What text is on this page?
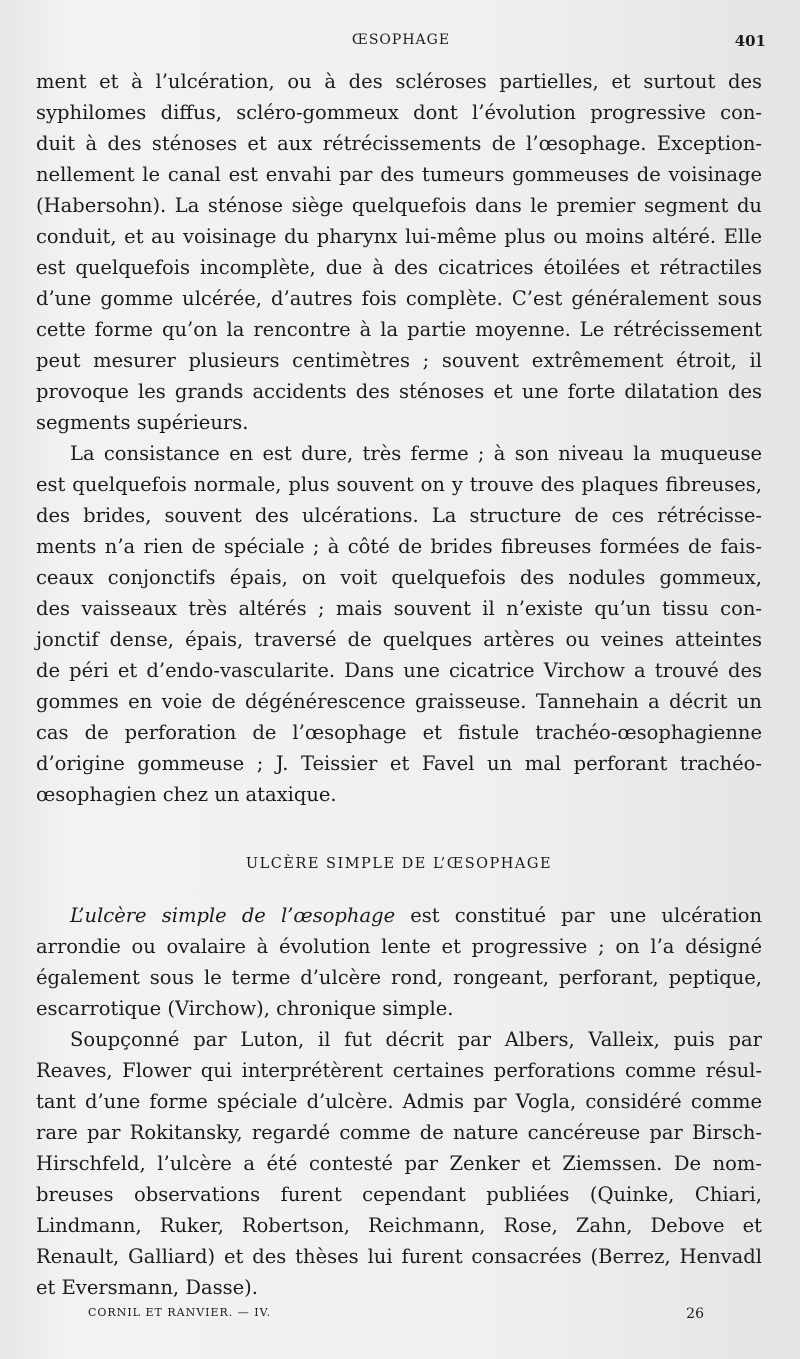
ŒSOPHAGE	401
ment et à l’ulcération, ou à des scléroses partielles, et surtout des
syphilomes diffus, scléro-gommeux dont l’évolution progressive con-
duit à des sténoses et aux rétrécissements de l’œsophage. Exception-
nellement le canal est envahi par des tumeurs gommeuses de voisinage
(Habersohn). La sténose siège quelquefois dans le premier segment du
conduit, et au voisinage du pharynx lui-même plus ou moins altéré. Elle
est quelquefois incomplète, due à des cicatrices étoilées et rétractiles
d’une gomme ulcérée, d’autres fois complète. C’est généralement sous
cette forme qu’on la rencontre à la partie moyenne. Le rétrécissement
peut mesurer plusieurs centimètres ; souvent extrêmement étroit, il
provoque les grands accidents des sténoses et une forte dilatation des
segments supérieurs.
La consistance en est dure, très ferme ; à son niveau la muqueuse
est quelquefois normale, plus souvent on y trouve des plaques fibreuses,
des brides, souvent des ulcérations. La structure de ces rétrécisse-
ments n’a rien de spéciale ; à côté de brides fibreuses formées de fais-
ceaux conjonctifs épais, on voit quelquefois des nodules gommeux,
des vaisseaux très altérés ; mais souvent il n’existe qu’un tissu con-
jonctif dense, épais, traversé de quelques artères ou veines atteintes
de péri et d’endo-vascularite. Dans une cicatrice Virchow a trouvé des
gommes en voie de dégénérescence graisseuse. Tannehain a décrit un
cas de perforation de l’œsophage et fistule trachéo-œsophagienne
d’origine gommeuse ; J. Teissier et Favel un mal perforant trachéo-
œsophagien chez un ataxique.
ULCÈRE SIMPLE DE L’ŒSOPHAGE
L’ulcère simple de l’œsophage est constitué par une ulcération
arrondie ou ovalaire à évolution lente et progressive ; on l’a désigné
également sous le terme d’ulcère rond, rongeant, perforant, peptique,
escarrotique (Virchow), chronique simple.
Soupçonné par Luton, il fut décrit par Albers, Valleix, puis par
Reaves, Flower qui interprétèrent certaines perforations comme résul-
tant d’une forme spéciale d’ulcère. Admis par Vogla, considéré comme
rare par Rokitansky, regardé comme de nature cancéreuse par Birsch-
Hirschfeld, l’ulcère a été contesté par Zenker et Ziemssen. De nom-
breuses observations furent cependant publiées (Quinke, Chiari,
Lindmann, Ruker, Robertson, Reichmann, Rose, Zahn, Debove et
Renault, Galliard) et des thèses lui furent consacrées (Berrez, Henvadl
et Eversmann, Dasse).
CORNIL ET RANVIER. — IV.	26
